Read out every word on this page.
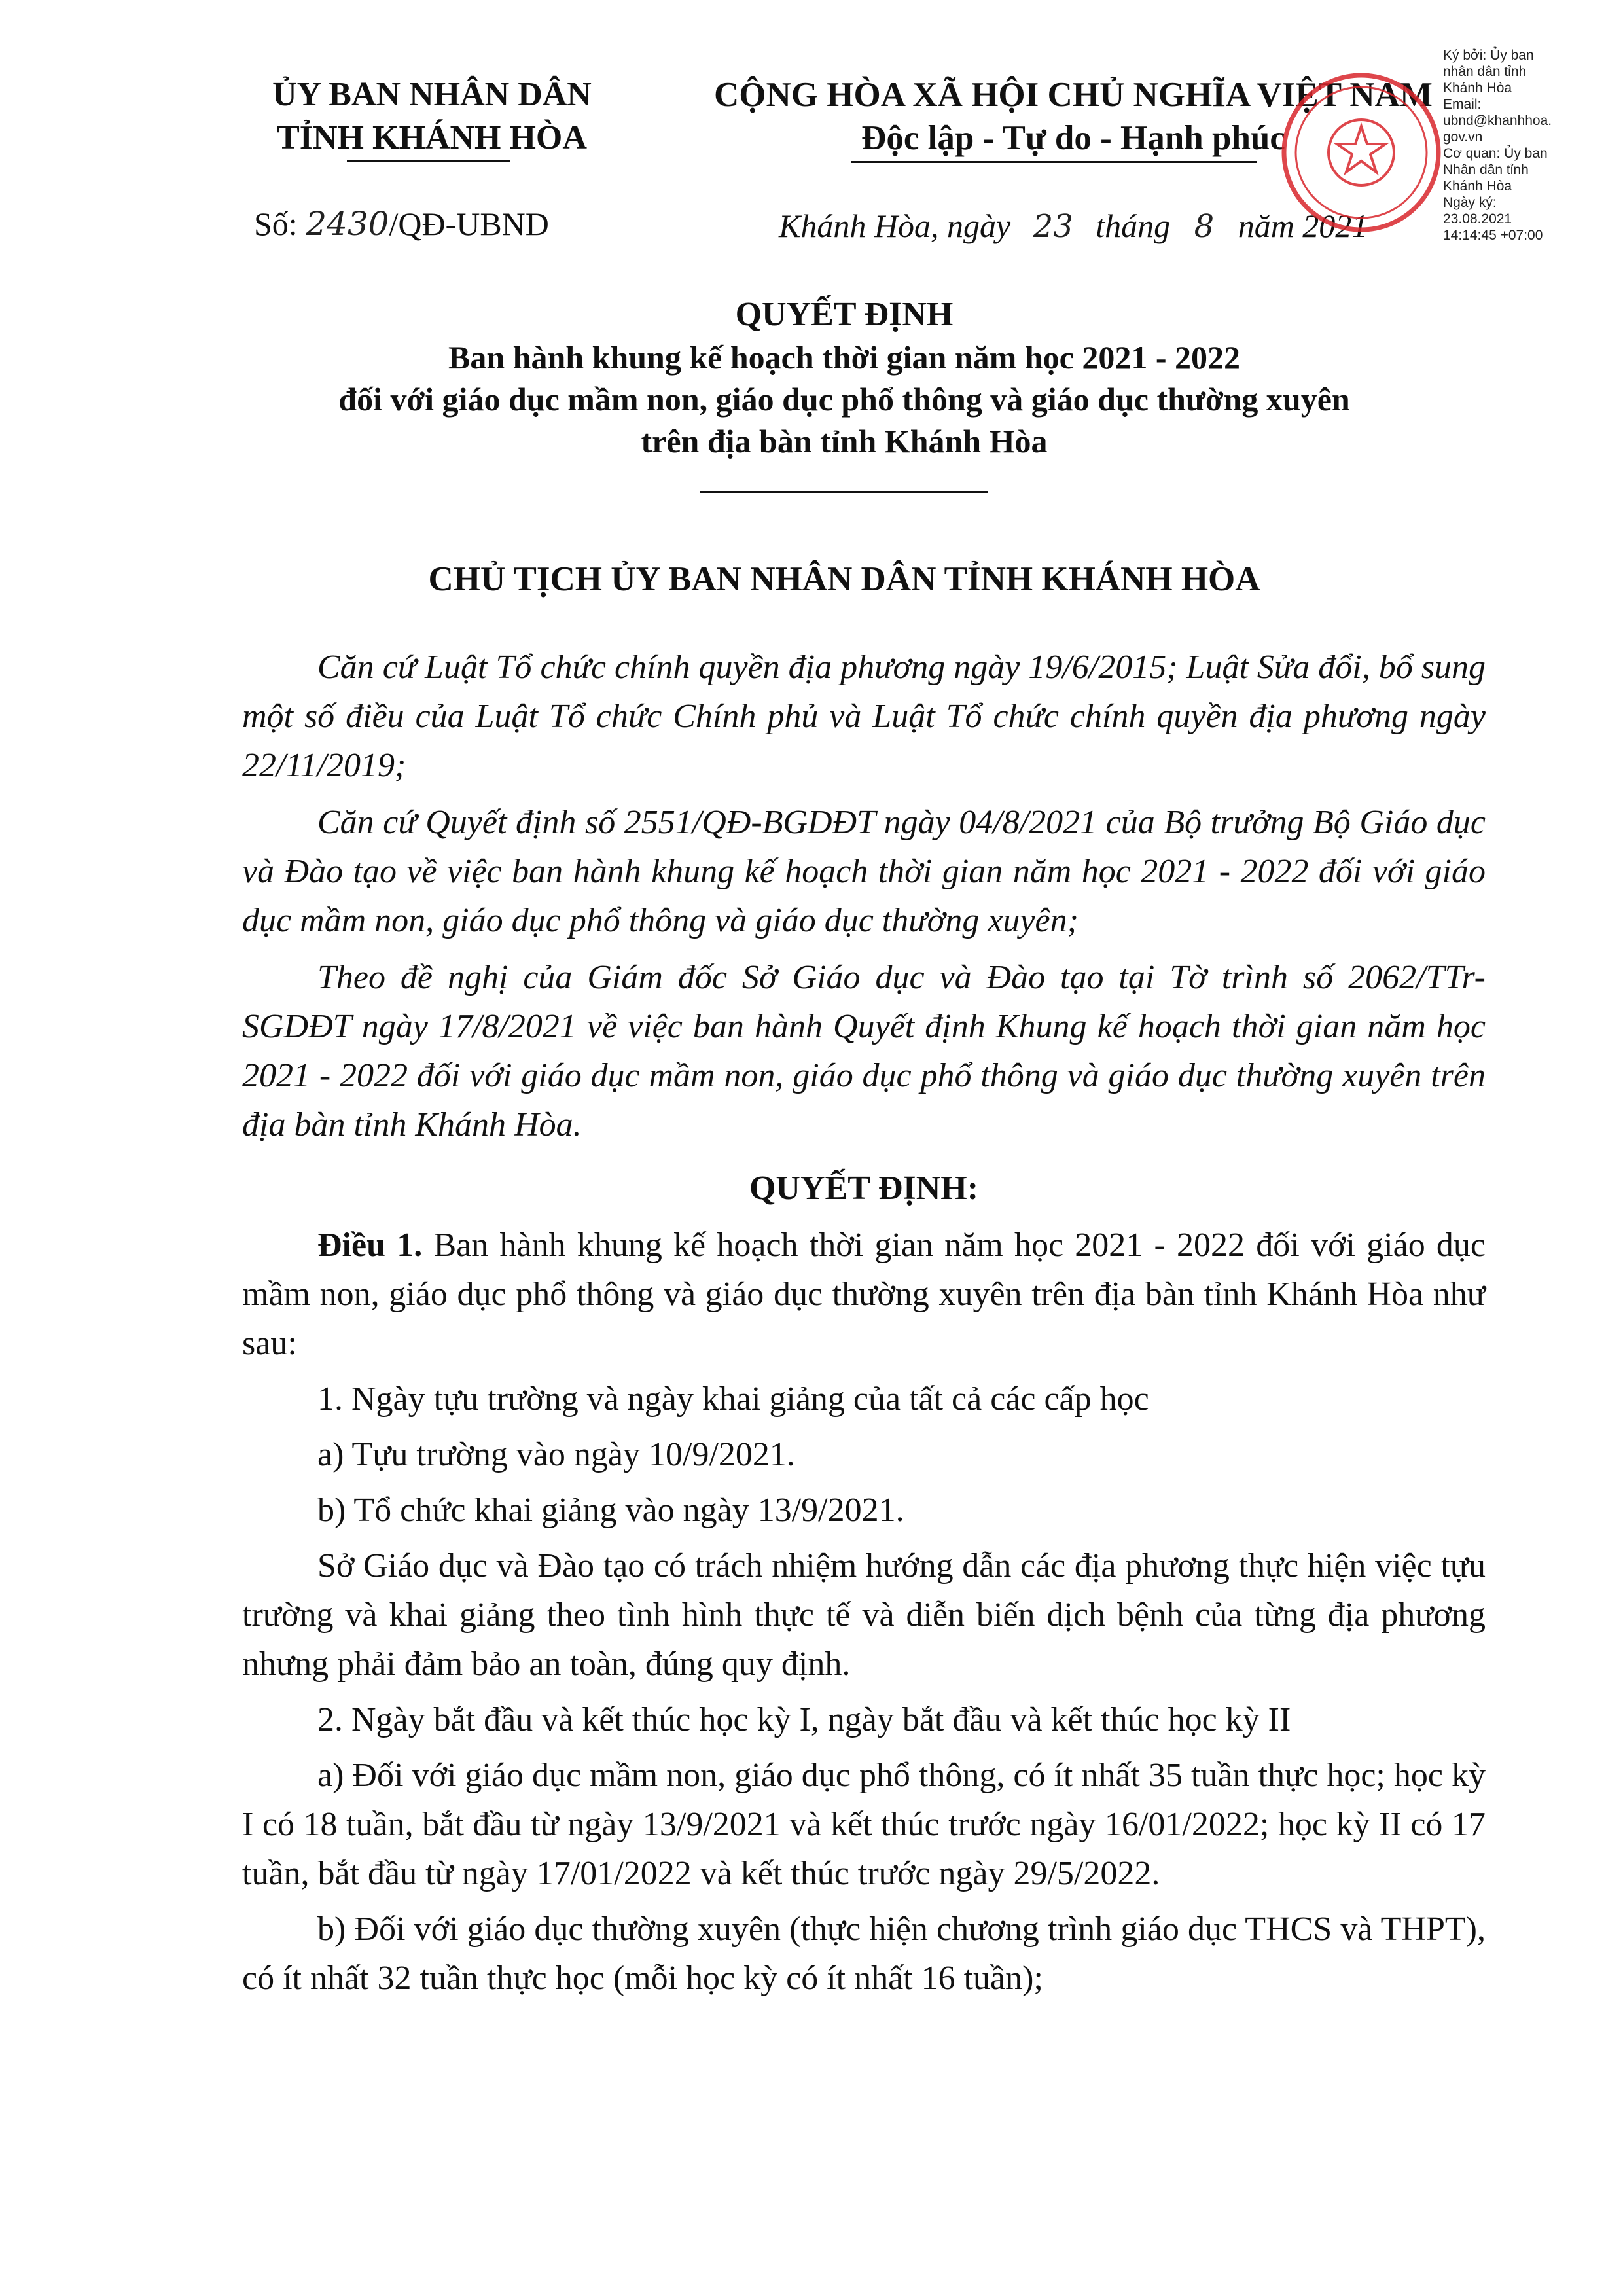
ỦY BAN NHÂN DÂN
TỈNH KHÁNH HÒA
Số: 2430/QĐ-UBND
CỘNG HÒA XÃ HỘI CHỦ NGHĨA VIỆT NAM
Độc lập - Tự do - Hạnh phúc
Khánh Hòa, ngày 23 tháng 8 năm 2021
Ký bởi: Ủy ban
nhân dân tỉnh
Khánh Hòa
Email:
ubnd@khanhhoa.
gov.vn
Cơ quan: Ủy ban
Nhân dân tỉnh
Khánh Hòa
Ngày ký:
23.08.2021
14:14:45 +07:00
QUYẾT ĐỊNH
Ban hành khung kế hoạch thời gian năm học 2021 - 2022
đối với giáo dục mầm non, giáo dục phổ thông và giáo dục thường xuyên
trên địa bàn tỉnh Khánh Hòa
CHỦ TỊCH ỦY BAN NHÂN DÂN TỈNH KHÁNH HÒA

Căn cứ Luật Tổ chức chính quyền địa phương ngày 19/6/2015; Luật Sửa đổi, bổ sung một số điều của Luật Tổ chức Chính phủ và Luật Tổ chức chính quyền địa phương ngày 22/11/2019;

Căn cứ Quyết định số 2551/QĐ-BGDĐT ngày 04/8/2021 của Bộ trưởng Bộ Giáo dục và Đào tạo về việc ban hành khung kế hoạch thời gian năm học 2021 - 2022 đối với giáo dục mầm non, giáo dục phổ thông và giáo dục thường xuyên;

Theo đề nghị của Giám đốc Sở Giáo dục và Đào tạo tại Tờ trình số 2062/TTr-SGDĐT ngày 17/8/2021 về việc ban hành Quyết định Khung kế hoạch thời gian năm học 2021 - 2022 đối với giáo dục mầm non, giáo dục phổ thông và giáo dục thường xuyên trên địa bàn tỉnh Khánh Hòa.

QUYẾT ĐỊNH:

Điều 1. Ban hành khung kế hoạch thời gian năm học 2021 - 2022 đối với giáo dục mầm non, giáo dục phổ thông và giáo dục thường xuyên trên địa bàn tỉnh Khánh Hòa như sau:

1. Ngày tựu trường và ngày khai giảng của tất cả các cấp học

a) Tựu trường vào ngày 10/9/2021.

b) Tổ chức khai giảng vào ngày 13/9/2021.

Sở Giáo dục và Đào tạo có trách nhiệm hướng dẫn các địa phương thực hiện việc tựu trường và khai giảng theo tình hình thực tế và diễn biến dịch bệnh của từng địa phương nhưng phải đảm bảo an toàn, đúng quy định.

2. Ngày bắt đầu và kết thúc học kỳ I, ngày bắt đầu và kết thúc học kỳ II

a) Đối với giáo dục mầm non, giáo dục phổ thông, có ít nhất 35 tuần thực học; học kỳ I có 18 tuần, bắt đầu từ ngày 13/9/2021 và kết thúc trước ngày 16/01/2022; học kỳ II có 17 tuần, bắt đầu từ ngày 17/01/2022 và kết thúc trước ngày 29/5/2022.

b) Đối với giáo dục thường xuyên (thực hiện chương trình giáo dục THCS và THPT), có ít nhất 32 tuần thực học (mỗi học kỳ có ít nhất 16 tuần);
